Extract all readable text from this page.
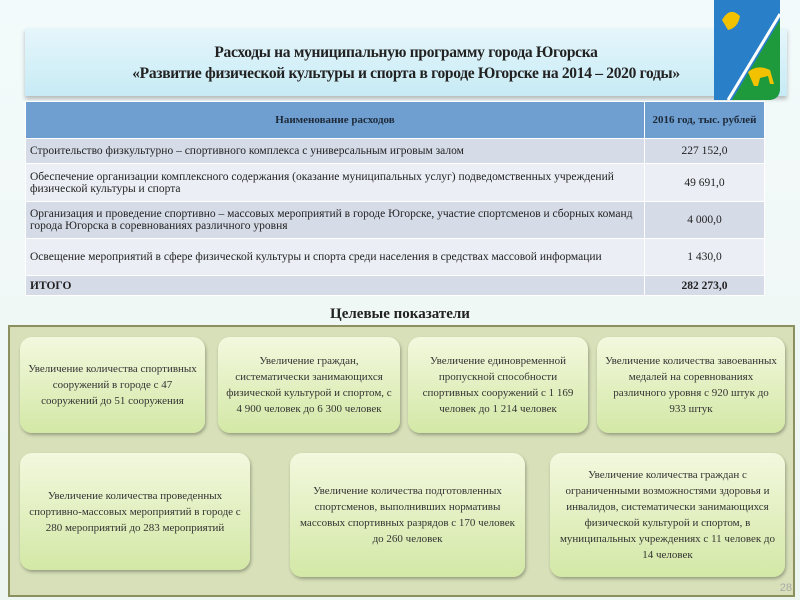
Расходы на муниципальную программу города Югорска
«Развитие физической культуры и спорта в городе Югорске на 2014 – 2020 годы»
Наименование расходов	2016 год, тыс. рублей
Строительство физкультурно – спортивного комплекса с универсальным игровым залом	227 152,0
Обеспечение организации комплексного содержания (оказание муниципальных услуг) подведомственных учреждений физической культуры и спорта	49 691,0
Организация и проведение спортивно – массовых мероприятий в городе Югорске, участие спортсменов и сборных команд города Югорска в соревнованиях различного уровня	4 000,0
Освещение мероприятий в сфере физической культуры и спорта среди населения в средствах массовой информации	1 430,0
ИТОГО	282 273,0
Целевые показатели
Увеличение количества спортивных сооружений в городе с 47 сооружений до 51 сооружения
Увеличение граждан, систематически занимающихся физической культурой и спортом, с 4 900 человек до 6 300 человек
Увеличение единовременной пропускной способности спортивных сооружений с 1 169 человек до 1 214 человек
Увеличение количества завоеванных медалей на соревнованиях различного уровня с 920 штук до 933 штук
Увеличение количества проведенных спортивно-массовых мероприятий в городе с 280 мероприятий до 283 мероприятий
Увеличение количества подготовленных спортсменов, выполнивших нормативы массовых спортивных разрядов с 170 человек до 260 человек
Увеличение количества граждан с ограниченными возможностями здоровья и инвалидов, систематически занимающихся физической культурой и спортом, в муниципальных учреждениях с 11 человек до 14 человек
28
